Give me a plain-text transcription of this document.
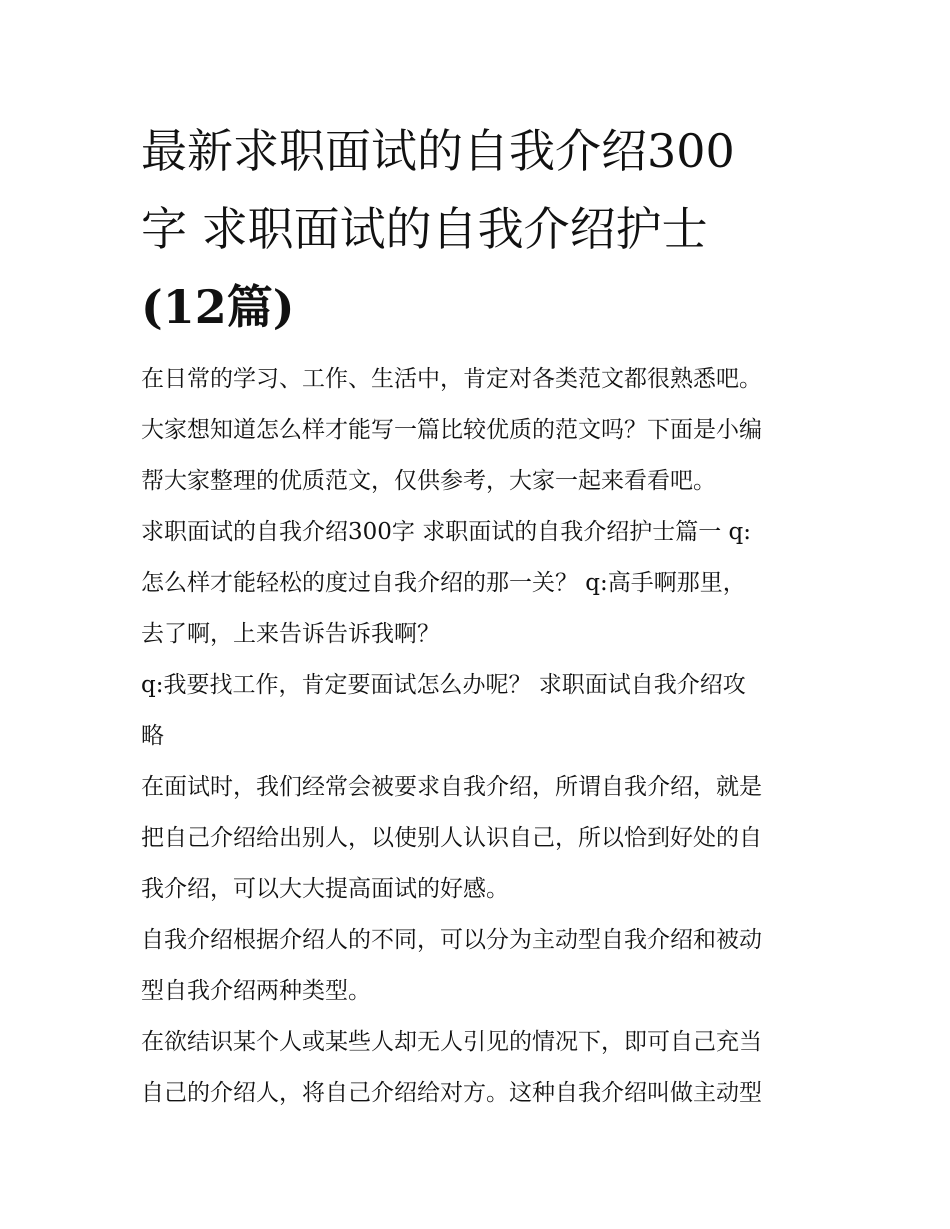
最新求职面试的自我介绍300
字 求职面试的自我介绍护士
(12篇)

在日常的学习、工作、生活中，肯定对各类范文都很熟悉吧。

大家想知道怎么样才能写一篇比较优质的范文吗？下面是小编

帮大家整理的优质范文，仅供参考，大家一起来看看吧。

求职面试的自我介绍300字 求职面试的自我介绍护士篇一 q:

怎么样才能轻松的度过自我介绍的那一关？ q:高手啊那里，

去了啊，上来告诉告诉我啊？

q:我要找工作，肯定要面试怎么办呢？ 求职面试自我介绍攻

略

在面试时，我们经常会被要求自我介绍，所谓自我介绍，就是

把自己介绍给出别人，以使别人认识自己，所以恰到好处的自

我介绍，可以大大提高面试的好感。

自我介绍根据介绍人的不同，可以分为主动型自我介绍和被动

型自我介绍两种类型。

在欲结识某个人或某些人却无人引见的情况下，即可自己充当

自己的介绍人，将自己介绍给对方。这种自我介绍叫做主动型
